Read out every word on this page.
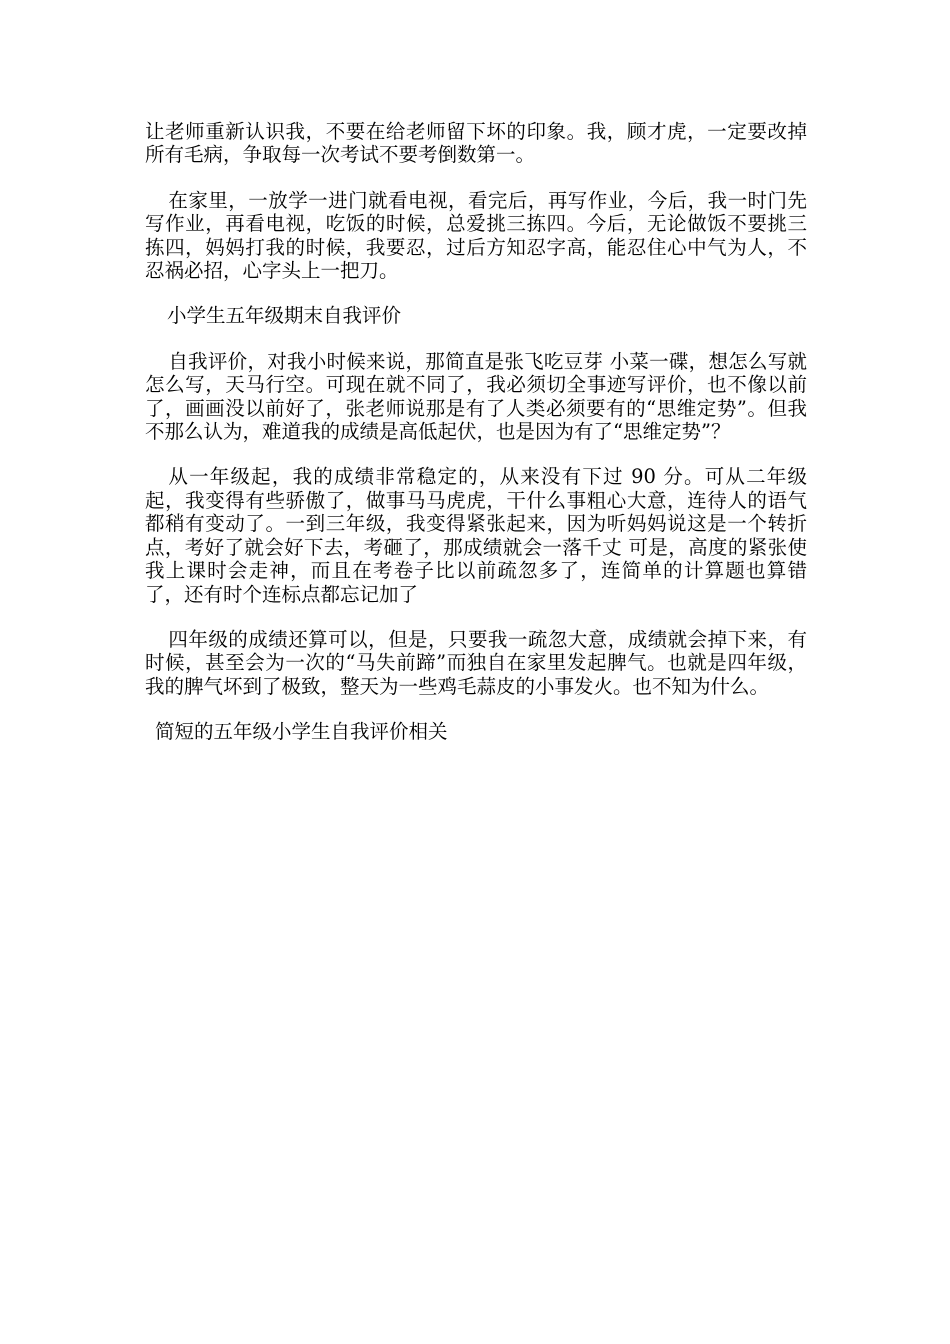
让老师重新认识我，不要在给老师留下坏的印象。我，顾才虎，一定要改掉所有毛病，争取每一次考试不要考倒数第一。

在家里，一放学一进门就看电视，看完后，再写作业，今后，我一时门先写作业，再看电视，吃饭的时候，总爱挑三拣四。今后，无论做饭不要挑三拣四，妈妈打我的时候，我要忍，过后方知忍字高，能忍住心中气为人，不忍祸必招，心字头上一把刀。

小学生五年级期末自我评价

自我评价，对我小时候来说，那简直是张飞吃豆芽 小菜一碟，想怎么写就怎么写，天马行空。可现在就不同了，我必须切全事迹写评价，也不像以前了，画画没以前好了，张老师说那是有了人类必须要有的“思维定势”。但我不那么认为，难道我的成绩是高低起伏，也是因为有了“思维定势”？

从一年级起，我的成绩非常稳定的，从来没有下过 90 分。可从二年级起，我变得有些骄傲了，做事马马虎虎，干什么事粗心大意，连待人的语气都稍有变动了。一到三年级，我变得紧张起来，因为听妈妈说这是一个转折点，考好了就会好下去，考砸了，那成绩就会一落千丈 可是，高度的紧张使我上课时会走神，而且在考卷子比以前疏忽多了，连简单的计算题也算错了，还有时个连标点都忘记加了

四年级的成绩还算可以，但是，只要我一疏忽大意，成绩就会掉下来，有时候，甚至会为一次的“马失前蹄”而独自在家里发起脾气。也就是四年级，我的脾气坏到了极致，整天为一些鸡毛蒜皮的小事发火。也不知为什么。

简短的五年级小学生自我评价相关
